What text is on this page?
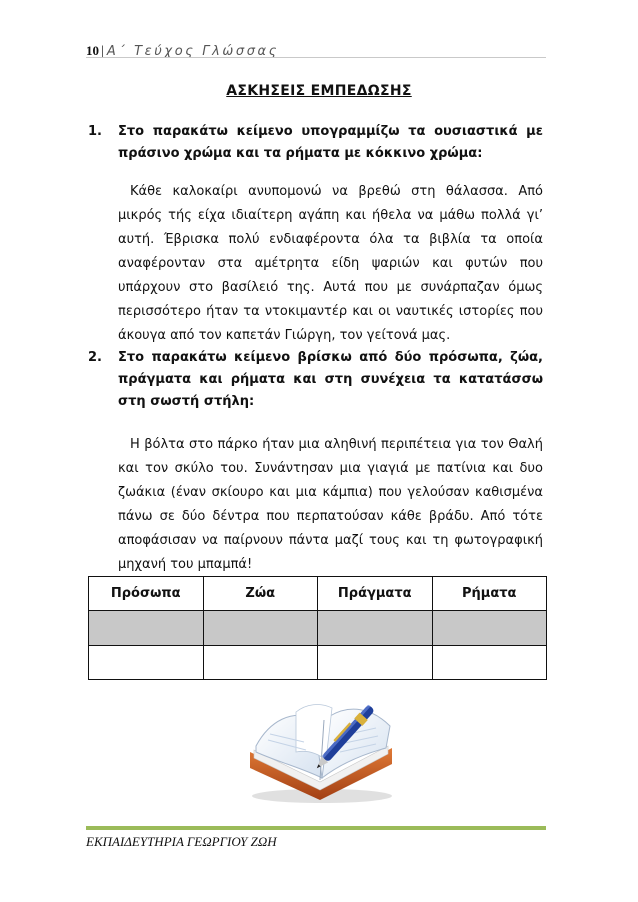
10 | Α΄ Τεύχος Γλώσσας
ΑΣΚΗΣΕΙΣ ΕΜΠΕΔΩΣΗΣ
1. Στο παρακάτω κείμενο υπογραμμίζω τα ουσιαστικά με πράσινο χρώμα και τα ρήματα με κόκκινο χρώμα:
Κάθε καλοκαίρι ανυπομονώ να βρεθώ στη θάλασσα. Από μικρός τής είχα ιδιαίτερη αγάπη και ήθελα να μάθω πολλά γι’ αυτή. Έβρισκα πολύ ενδιαφέροντα όλα τα βιβλία τα οποία αναφέρονταν στα αμέτρητα είδη ψαριών και φυτών που υπάρχουν στο βασίλειό της. Αυτά που με συνάρπαζαν όμως περισσότερο ήταν τα ντοκιμαντέρ και οι ναυτικές ιστορίες που άκουγα από τον καπετάν Γιώργη, τον γείτονά μας.
2. Στο παρακάτω κείμενο βρίσκω από δύο πρόσωπα, ζώα, πράγματα και ρήματα και στη συνέχεια τα κατατάσσω στη σωστή στήλη:
Η βόλτα στο πάρκο ήταν μια αληθινή περιπέτεια για τον Θαλή και τον σκύλο του. Συνάντησαν μια γιαγιά με πατίνια και δυο ζωάκια (έναν σκίουρο και μια κάμπια) που γελούσαν καθισμένα πάνω σε δύο δέντρα που περπατούσαν κάθε βράδυ. Από τότε αποφάσισαν να παίρνουν πάντα μαζί τους και τη φωτογραφική μηχανή του μπαμπά!
Πρόσωπα	Ζώα	Πράγματα	Ρήματα

ΕΚΠΑΙΔΕΥΤΗΡΙΑ ΓΕΩΡΓΙΟΥ ΖΩΗ
